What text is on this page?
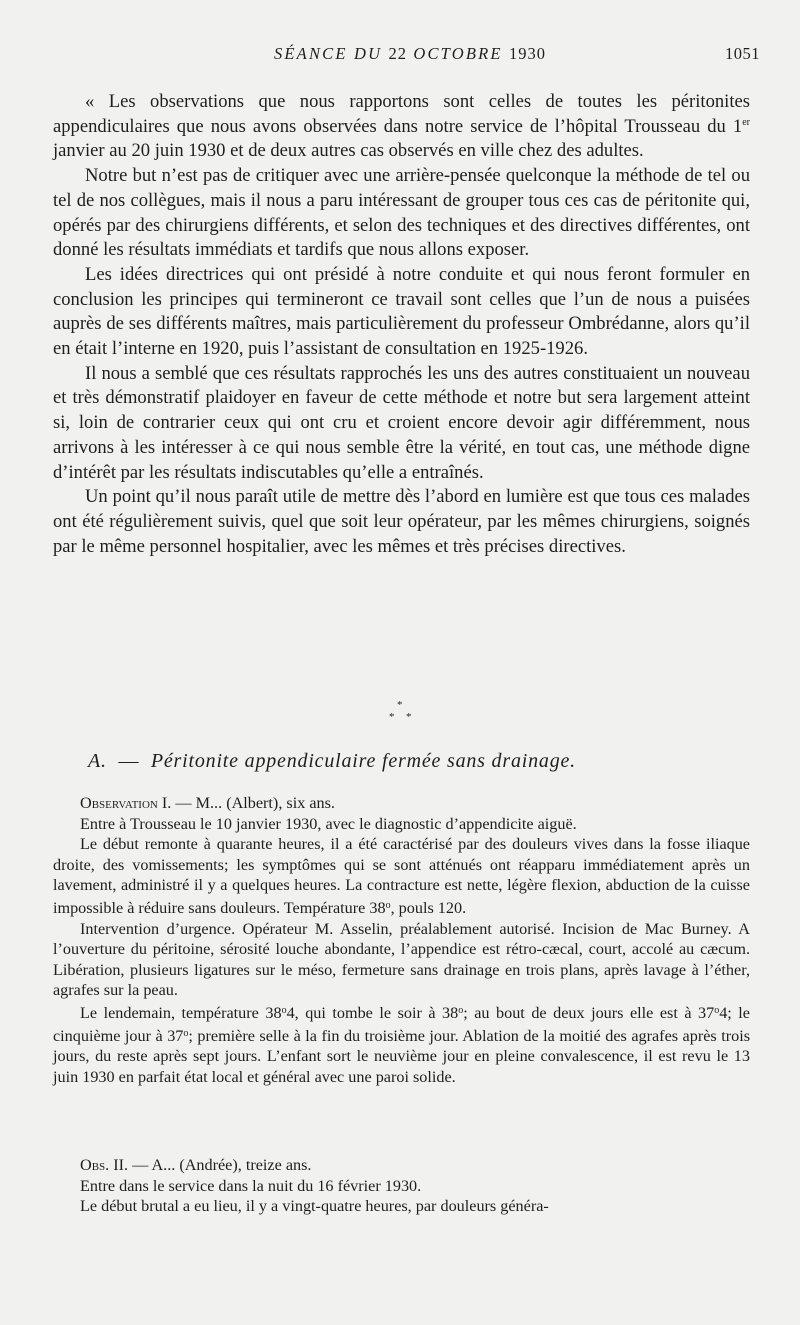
SÉANCE DU 22 OCTOBRE 1930	1051

« Les observations que nous rapportons sont celles de toutes les péritonites appendiculaires que nous avons observées dans notre service de l’hôpital Trousseau du 1er janvier au 20 juin 1930 et de deux autres cas observés en ville chez des adultes.

Notre but n’est pas de critiquer avec une arrière-pensée quelconque la méthode de tel ou tel de nos collègues, mais il nous a paru intéressant de grouper tous ces cas de péritonite qui, opérés par des chirurgiens différents, et selon des techniques et des directives différentes, ont donné les résultats immédiats et tardifs que nous allons exposer.

Les idées directrices qui ont présidé à notre conduite et qui nous feront formuler en conclusion les principes qui termineront ce travail sont celles que l’un de nous a puisées auprès de ses différents maîtres, mais particulièrement du professeur Ombrédanne, alors qu’il en était l’interne en 1920, puis l’assistant de consultation en 1925-1926.

Il nous a semblé que ces résultats rapprochés les uns des autres constituaient un nouveau et très démonstratif plaidoyer en faveur de cette méthode et notre but sera largement atteint si, loin de contrarier ceux qui ont cru et croient encore devoir agir différemment, nous arrivons à les intéresser à ce qui nous semble être la vérité, en tout cas, une méthode digne d’intérêt par les résultats indiscutables qu’elle a entraînés.

Un point qu’il nous paraît utile de mettre dès l’abord en lumière est que tous ces malades ont été régulièrement suivis, quel que soit leur opérateur, par les mêmes chirurgiens, soignés par le même personnel hospitalier, avec les mêmes et très précises directives.

*
* *
A. — Péritonite appendiculaire fermée sans drainage.

Observation I. — M... (Albert), six ans.

Entre à Trousseau le 10 janvier 1930, avec le diagnostic d’appendicite aiguë.

Le début remonte à quarante heures, il a été caractérisé par des douleurs vives dans la fosse iliaque droite, des vomissements; les symptômes qui se sont atténués ont réapparu immédiatement après un lavement, administré il y a quelques heures. La contracture est nette, légère flexion, abduction de la cuisse impossible à réduire sans douleurs. Température 38$^o$, pouls 120.

Intervention d’urgence. Opérateur M. Asselin, préalablement autorisé. Incision de Mac Burney. A l’ouverture du péritoine, sérosité louche abondante, l’appendice est rétro-cæcal, court, accolé au cæcum. Libération, plusieurs ligatures sur le méso, fermeture sans drainage en trois plans, après lavage à l’éther, agrafes sur la peau.

Le lendemain, température 38$^o$4, qui tombe le soir à 38$^o$; au bout de deux jours elle est à 37$^o$4; le cinquième jour à 37$^o$; première selle à la fin du troisième jour. Ablation de la moitié des agrafes après trois jours, du reste après sept jours. L’enfant sort le neuvième jour en pleine convalescence, il est revu le 13 juin 1930 en parfait état local et général avec une paroi solide.

Obs. II. — A... (Andrée), treize ans.

Entre dans le service dans la nuit du 16 février 1930.

Le début brutal a eu lieu, il y a vingt-quatre heures, par douleurs généra-
